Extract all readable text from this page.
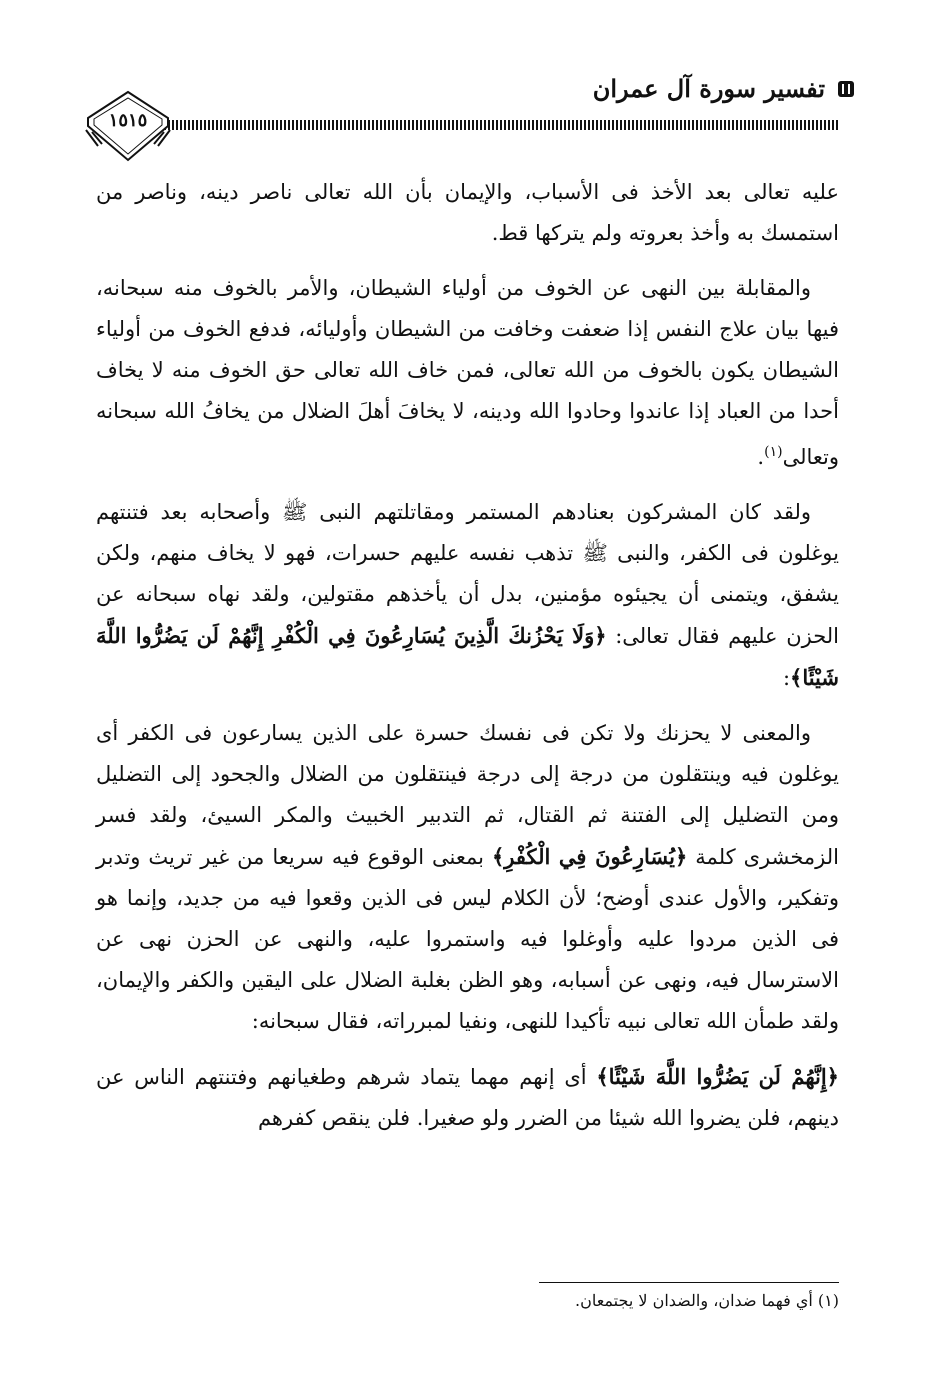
تفسير سورة آل عمران
١٥١٥

عليه تعالى بعد الأخذ فى الأسباب، والإيمان بأن الله تعالى ناصر دينه، وناصر من استمسك به وأخذ بعروته ولم يتركها قط.

والمقابلة بين النهى عن الخوف من أولياء الشيطان، والأمر بالخوف منه سبحانه، فيها بيان علاج النفس إذا ضعفت وخافت من الشيطان وأوليائه، فدفع الخوف من أولياء الشيطان يكون بالخوف من الله تعالى، فمن خاف الله تعالى حق الخوف منه لا يخاف أحدا من العباد إذا عاندوا وحادوا الله ودينه، لا يخافَ أهلَ الضلال من يخافُ الله سبحانه وتعالى$^{(١)}$.

ولقد كان المشركون بعنادهم المستمر ومقاتلتهم النبى ﷺ وأصحابه بعد فتنتهم يوغلون فى الكفر، والنبى ﷺ تذهب نفسه عليهم حسرات، فهو لا يخاف منهم، ولكن يشفق، ويتمنى أن يجيئوه مؤمنين، بدل أن يأخذهم مقتولين، ولقد نهاه سبحانه عن الحزن عليهم فقال تعالى: ﴿وَلَا يَحْزُنكَ الَّذِينَ يُسَارِعُونَ فِي الْكُفْرِ إِنَّهُمْ لَن يَضُرُّوا اللَّهَ شَيْئًا﴾:

والمعنى لا يحزنك ولا تكن فى نفسك حسرة على الذين يسارعون فى الكفر أى يوغلون فيه وينتقلون من درجة إلى درجة فينتقلون من الضلال والجحود إلى التضليل ومن التضليل إلى الفتنة ثم القتال، ثم التدبير الخبيث والمكر السيئ، ولقد فسر الزمخشرى كلمة ﴿يُسَارِعُونَ فِي الْكُفْرِ﴾ بمعنى الوقوع فيه سريعا من غير تريث وتدبر وتفكير، والأول عندى أوضح؛ لأن الكلام ليس فى الذين وقعوا فيه من جديد، وإنما هو فى الذين مردوا عليه وأوغلوا فيه واستمروا عليه، والنهى عن الحزن نهى عن الاسترسال فيه، ونهى عن أسبابه، وهو الظن بغلبة الضلال على اليقين والكفر والإيمان، ولقد طمأن الله تعالى نبيه تأكيدا للنهى، ونفيا لمبرراته، فقال سبحانه:

﴿إِنَّهُمْ لَن يَضُرُّوا اللَّهَ شَيْئًا﴾ أى إنهم مهما يتماد شرهم وطغيانهم وفتنتهم الناس عن دينهم، فلن يضروا الله شيئا من الضرر ولو صغيرا. فلن ينقص كفرهم

(١) أي فهما ضدان، والضدان لا يجتمعان.
